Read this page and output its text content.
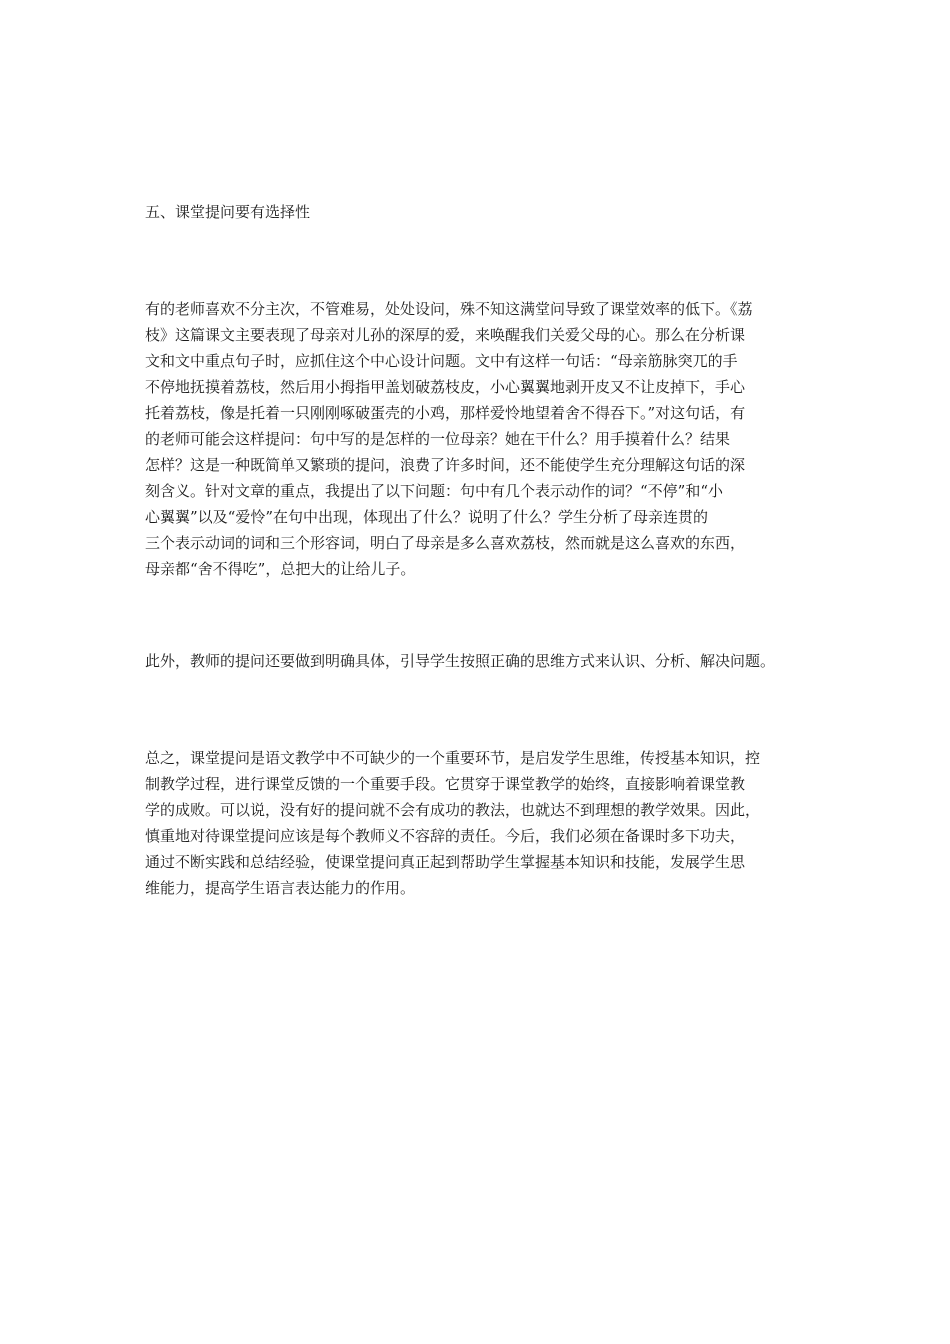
五、课堂提问要有选择性
有的老师喜欢不分主次，不管难易，处处设问，殊不知这满堂问导致了课堂效率的低下。《荔
枝》这篇课文主要表现了母亲对儿孙的深厚的爱，来唤醒我们关爱父母的心。那么在分析课
文和文中重点句子时，应抓住这个中心设计问题。文中有这样一句话：“母亲筋脉突兀的手
不停地抚摸着荔枝，然后用小拇指甲盖划破荔枝皮，小心翼翼地剥开皮又不让皮掉下，手心
托着荔枝，像是托着一只刚刚啄破蛋壳的小鸡，那样爱怜地望着舍不得吞下。”对这句话，有
的老师可能会这样提问：句中写的是怎样的一位母亲？她在干什么？用手摸着什么？结果
怎样？这是一种既简单又繁琐的提问，浪费了许多时间，还不能使学生充分理解这句话的深
刻含义。针对文章的重点，我提出了以下问题：句中有几个表示动作的词？“不停”和“小
心翼翼”以及“爱怜”在句中出现，体现出了什么？说明了什么？学生分析了母亲连贯的
三个表示动词的词和三个形容词，明白了母亲是多么喜欢荔枝，然而就是这么喜欢的东西，
母亲都“舍不得吃”，总把大的让给儿子。
此外，教师的提问还要做到明确具体，引导学生按照正确的思维方式来认识、分析、解决问题。
总之，课堂提问是语文教学中不可缺少的一个重要环节，是启发学生思维，传授基本知识，控
制教学过程，进行课堂反馈的一个重要手段。它贯穿于课堂教学的始终，直接影响着课堂教
学的成败。可以说，没有好的提问就不会有成功的教法，也就达不到理想的教学效果。因此，
慎重地对待课堂提问应该是每个教师义不容辞的责任。今后，我们必须在备课时多下功夫，
通过不断实践和总结经验，使课堂提问真正起到帮助学生掌握基本知识和技能，发展学生思
维能力，提高学生语言表达能力的作用。
